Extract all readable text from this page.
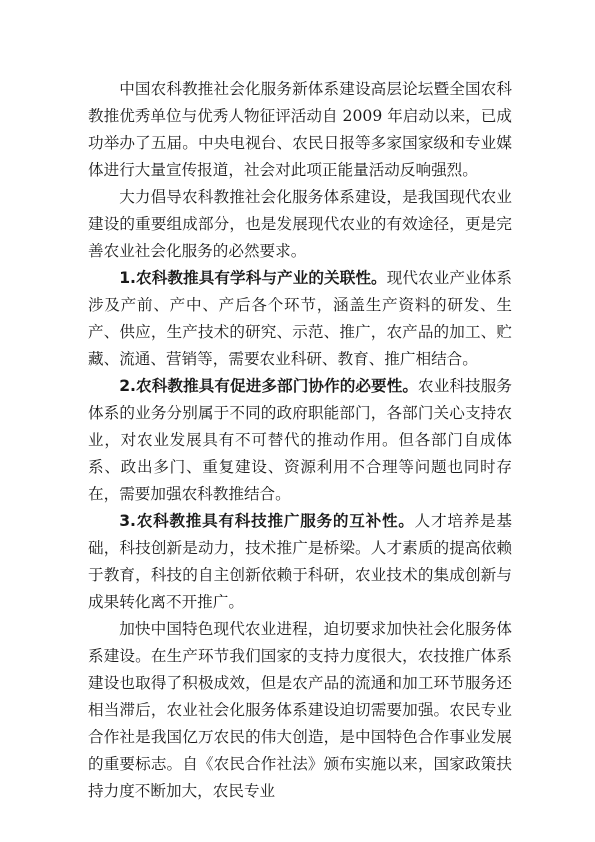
中国农科教推社会化服务新体系建设高层论坛暨全国农科教推优秀单位与优秀人物征评活动自 2009 年启动以来，已成功举办了五届。中央电视台、农民日报等多家国家级和专业媒体进行大量宣传报道，社会对此项正能量活动反响强烈。

大力倡导农科教推社会化服务体系建设，是我国现代农业建设的重要组成部分，也是发展现代农业的有效途径，更是完善农业社会化服务的必然要求。

1.农科教推具有学科与产业的关联性。现代农业产业体系涉及产前、产中、产后各个环节，涵盖生产资料的研发、生产、供应，生产技术的研究、示范、推广，农产品的加工、贮藏、流通、营销等，需要农业科研、教育、推广相结合。

2.农科教推具有促进多部门协作的必要性。农业科技服务体系的业务分别属于不同的政府职能部门，各部门关心支持农业，对农业发展具有不可替代的推动作用。但各部门自成体系、政出多门、重复建设、资源利用不合理等问题也同时存在，需要加强农科教推结合。

3.农科教推具有科技推广服务的互补性。人才培养是基础，科技创新是动力，技术推广是桥梁。人才素质的提高依赖于教育，科技的自主创新依赖于科研，农业技术的集成创新与成果转化离不开推广。

加快中国特色现代农业进程，迫切要求加快社会化服务体系建设。在生产环节我们国家的支持力度很大，农技推广体系建设也取得了积极成效，但是农产品的流通和加工环节服务还相当滞后，农业社会化服务体系建设迫切需要加强。农民专业合作社是我国亿万农民的伟大创造，是中国特色合作事业发展的重要标志。自《农民合作社法》颁布实施以来，国家政策扶持力度不断加大，农民专业
